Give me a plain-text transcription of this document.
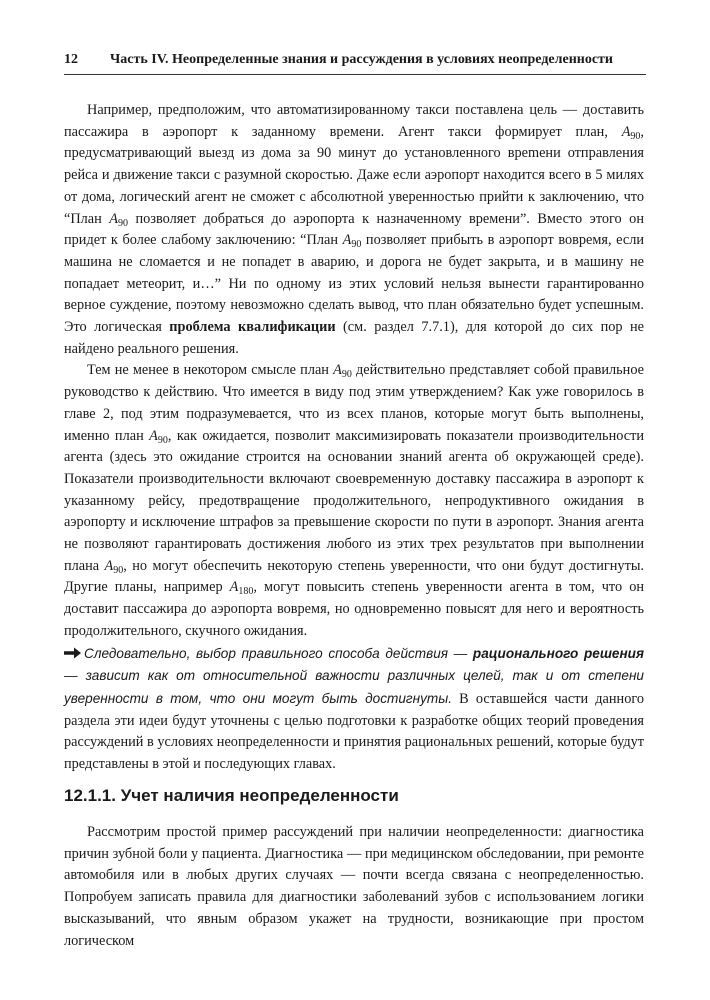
12 Часть IV. Неопределенные знания и рассуждения в условиях неопределенности

Например, предположим, что автоматизированному такси поставлена цель — доставить пассажира в аэропорт к заданному времени. Агент такси формирует план, $A_{90}$, предусматривающий выезд из дома за 90 минут до установленного вреmени отправления рейса и движение такси с разумной скоростью. Даже если аэропорт находится всего в 5 милях от дома, логический агент не сможет с абсолютной уверенностью прийти к заключению, что “План $A_{90}$ позволяет добраться до аэропорта к назначенному времени”. Вместо этого он придет к более слабому заключению: “План $A_{90}$ позволяет прибыть в аэропорт вовремя, если машина не сломается и не попадет в аварию, и дорога не будет закрыта, и в машину не попадает метеорит, и…” Ни по одному из этих условий нельзя вынести гарантированно верное суждение, поэтому невозможно сделать вывод, что план обязательно будет успешным. Это логическая проблема квалификации (см. раздел 7.7.1), для которой до сих пор не найдено реального решения.

Тем не менее в некотором смысле план $A_{90}$ действительно представляет собой правильное руководство к действию. Что имеется в виду под этим утверждением? Как уже говорилось в главе 2, под этим подразумевается, что из всех планов, которые могут быть выполнены, именно план $A_{90}$, как ожидается, позволит максимизировать показатели производительности агента (здесь это ожидание строится на основании знаний агента об окружающей среде). Показатели производительности включают своевременную доставку пассажира в аэропорт к указанному рейсу, предотвращение продолжительного, непродуктивного ожидания в аэропорту и исключение штрафов за превышение скорости по пути в аэропорт. Знания агента не позволяют гарантировать достижения любого из этих трех результатов при выполнении плана $A_{90}$, но могут обеспечить некоторую степень уверенности, что они будут достигнуты. Другие планы, например $A_{180}$, могут повысить степень уверенности агента в том, что он доставит пассажира до аэропорта вовремя, но одновременно повысят для него и вероятность продолжительного, скучного ожидания.
Следовательно, выбор правильного способа действия — рационального решения — зависит как от относительной важности различных целей, так и от степени уверенности в том, что они могут быть достигнуты. В оставшейся части данного раздела эти идеи будут уточнены с целью подготовки к разработке общих теорий проведения рассуждений в условиях неопределенности и принятия рациональных решений, которые будут представлены в этой и последующих главах.

12.1.1. Учет наличия неопределенности

Рассмотрим простой пример рассуждений при наличии неопределенности: диагностика причин зубной боли у пациента. Диагностика — при медицинском обследовании, при ремонте автомобиля или в любых других случаях — почти всегда связана с неопределенностью. Попробуем записать правила для диагностики заболеваний зубов с использованием логики высказываний, что явным образом укажет на трудности, возникающие при простом логическом
